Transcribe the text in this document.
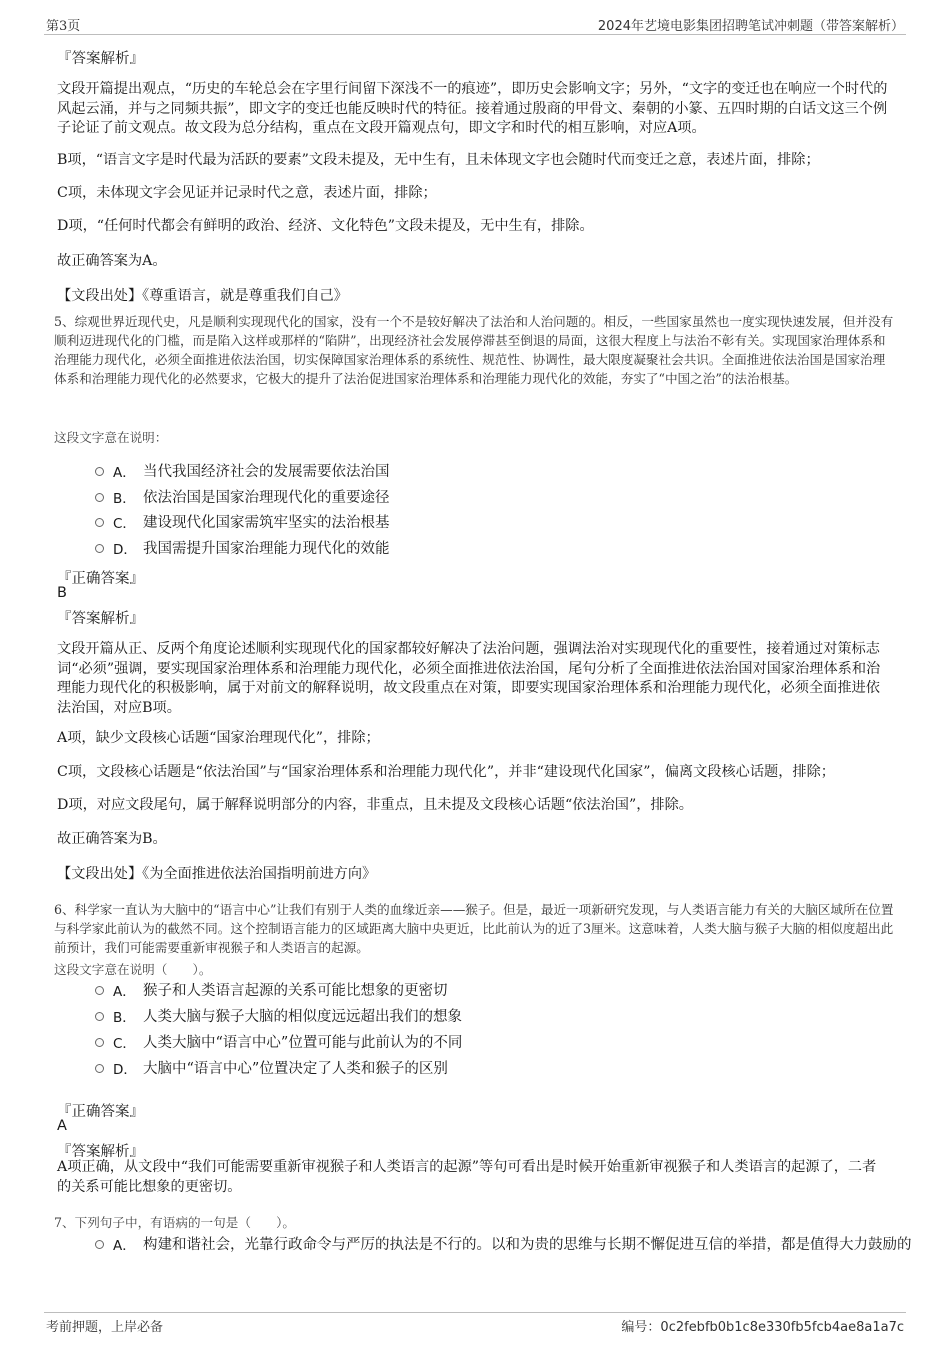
第3页	2024年艺境电影集团招聘笔试冲刺题（带答案解析）
『答案解析』

文段开篇提出观点，“历史的车轮总会在字里行间留下深浅不一的痕迹”，即历史会影响文字；另外，“文字的变迁也在响应一个时代的风起云涌，并与之同频共振”，即文字的变迁也能反映时代的特征。接着通过殷商的甲骨文、秦朝的小篆、五四时期的白话文这三个例子论证了前文观点。故文段为总分结构，重点在文段开篇观点句，即文字和时代的相互影响，对应A项。

B项，“语言文字是时代最为活跃的要素”文段未提及，无中生有，且未体现文字也会随时代而变迁之意，表述片面，排除；

C项，未体现文字会见证并记录时代之意，表述片面，排除；

D项，“任何时代都会有鲜明的政治、经济、文化特色”文段未提及，无中生有，排除。

故正确答案为A。

【文段出处】《尊重语言，就是尊重我们自己》

5、综观世界近现代史，凡是顺利实现现代化的国家，没有一个不是较好解决了法治和人治问题的。相反，一些国家虽然也一度实现快速发展，但并没有顺利迈进现代化的门槛，而是陷入这样或那样的“陷阱”，出现经济社会发展停滞甚至倒退的局面，这很大程度上与法治不彰有关。实现国家治理体系和治理能力现代化，必须全面推进依法治国，切实保障国家治理体系的系统性、规范性、协调性，最大限度凝聚社会共识。全面推进依法治国是国家治理体系和治理能力现代化的必然要求，它极大的提升了法治促进国家治理体系和治理能力现代化的效能，夯实了“中国之治”的法治根基。

这段文字意在说明：
A． 当代我国经济社会的发展需要依法治国
B． 依法治国是国家治理现代化的重要途径
C． 建设现代化国家需筑牢坚实的法治根基
D． 我国需提升国家治理能力现代化的效能
『正确答案』
B
『答案解析』

文段开篇从正、反两个角度论述顺利实现现代化的国家都较好解决了法治问题，强调法治对实现现代化的重要性，接着通过对策标志词“必须”强调，要实现国家治理体系和治理能力现代化，必须全面推进依法治国，尾句分析了全面推进依法治国对国家治理体系和治理能力现代化的积极影响，属于对前文的解释说明，故文段重点在对策，即要实现国家治理体系和治理能力现代化，必须全面推进依法治国，对应B项。

A项，缺少文段核心话题“国家治理现代化”，排除；

C项，文段核心话题是“依法治国”与“国家治理体系和治理能力现代化”，并非“建设现代化国家”，偏离文段核心话题，排除；

D项，对应文段尾句，属于解释说明部分的内容，非重点，且未提及文段核心话题“依法治国”，排除。

故正确答案为B。

【文段出处】《为全面推进依法治国指明前进方向》

6、科学家一直认为大脑中的“语言中心”让我们有别于人类的血缘近亲——猴子。但是，最近一项新研究发现，与人类语言能力有关的大脑区域所在位置与科学家此前认为的截然不同。这个控制语言能力的区域距离大脑中央更近，比此前认为的近了3厘米。这意味着，人类大脑与猴子大脑的相似度超出此前预计，我们可能需要重新审视猴子和人类语言的起源。

这段文字意在说明（　　）。
A． 猴子和人类语言起源的关系可能比想象的更密切
B． 人类大脑与猴子大脑的相似度远远超出我们的想象
C． 人类大脑中“语言中心”位置可能与此前认为的不同
D． 大脑中“语言中心”位置决定了人类和猴子的区别
『正确答案』
A
『答案解析』

A项正确，从文段中“我们可能需要重新审视猴子和人类语言的起源”等句可看出是时候开始重新审视猴子和人类语言的起源了，二者的关系可能比想象的更密切。

7、下列句子中，有语病的一句是（　　）。
A． 构建和谐社会，光靠行政命令与严厉的执法是不行的。以和为贵的思维与长期不懈促进互信的举措，都是值得大力鼓励的
考前押题，上岸必备	编号：0c2febfb0b1c8e330fb5fcb4ae8a1a7c
